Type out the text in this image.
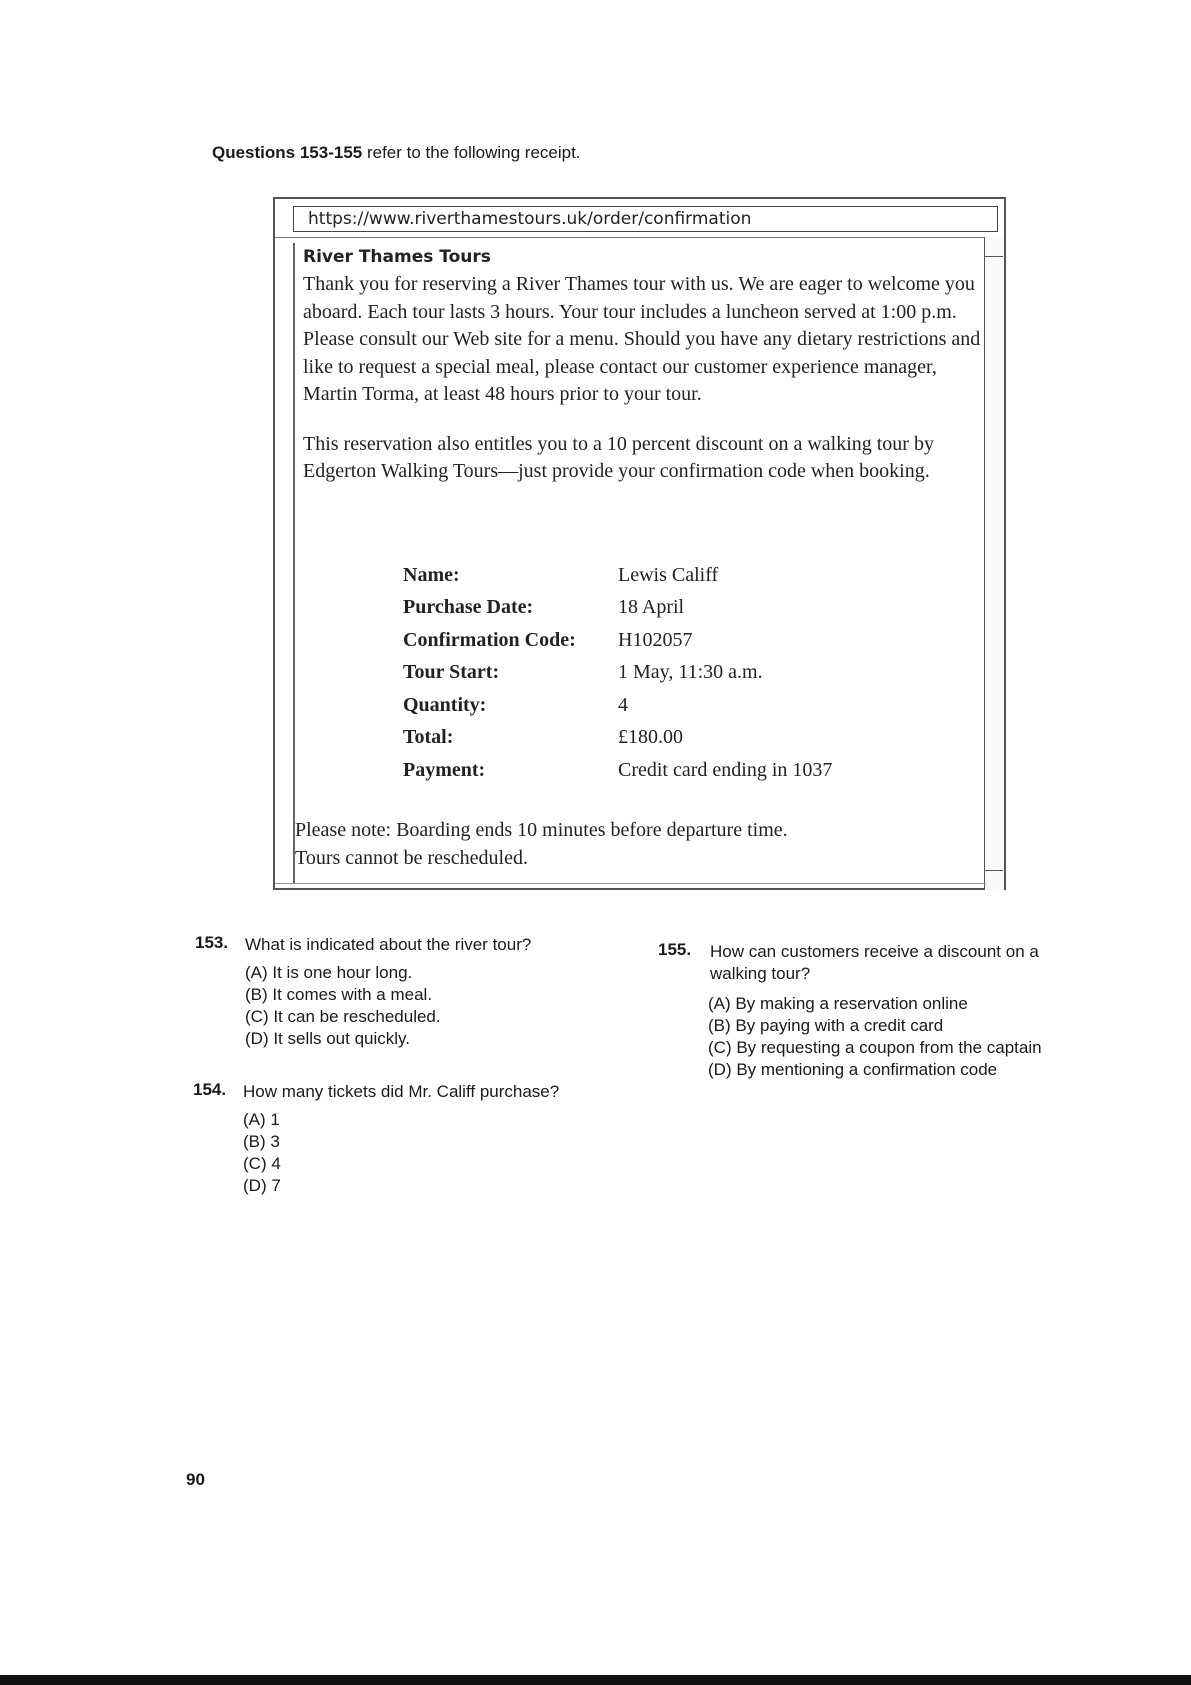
Questions 153-155 refer to the following receipt.
https://www.riverthamestours.uk/order/confirmation
River Thames Tours

Thank you for reserving a River Thames tour with us. We are eager to welcome you aboard. Each tour lasts 3 hours. Your tour includes a luncheon served at 1:00 p.m. Please consult our Web site for a menu. Should you have any dietary restrictions and like to request a special meal, please contact our customer experience manager, Martin Torma, at least 48 hours prior to your tour.

This reservation also entitles you to a 10 percent discount on a walking tour by Edgerton Walking Tours—just provide your confirmation code when booking.

Name:	Lewis Califf
Purchase Date:	18 April
Confirmation Code:	H102057
Tour Start:	1 May, 11:30 a.m.
Quantity:	4
Total:	£180.00
Payment:	Credit card ending in 1037
Please note: Boarding ends 10 minutes before departure time.
Tours cannot be rescheduled.
153. What is indicated about the river tour?
(A) It is one hour long.
(B) It comes with a meal.
(C) It can be rescheduled.
(D) It sells out quickly.
154. How many tickets did Mr. Califf purchase?
(A) 1
(B) 3
(C) 4
(D) 7
155. How can customers receive a discount on a
walking tour?
(A) By making a reservation online
(B) By paying with a credit card
(C) By requesting a coupon from the captain
(D) By mentioning a confirmation code
90
